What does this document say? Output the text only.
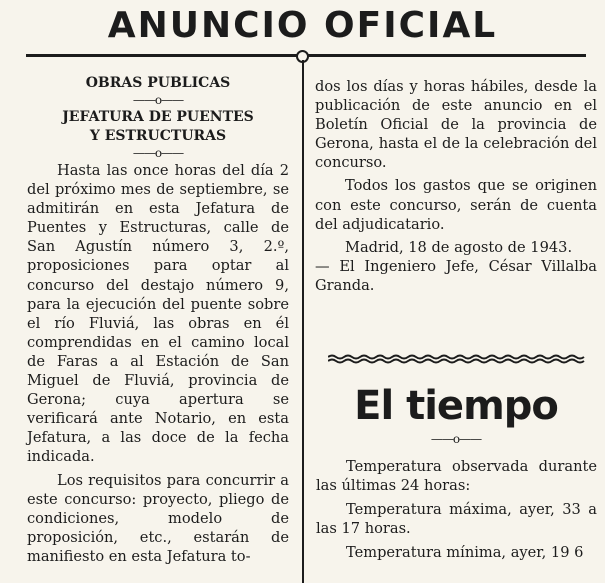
ANUNCIO OFICIAL
OBRAS PUBLICAS
——o——
JEFATURA DE PUENTES
Y ESTRUCTURAS
——o——

Hasta las once horas del día 2 del próximo mes de septiembre, se admitirán en esta Jefatura de Puentes y Estructuras, calle de San Agustín número 3, 2.º, proposiciones para optar al concurso del destajo número 9, para la ejecución del puente sobre el río Fluviá, las obras en él comprendidas en el camino local de Faras a al Estación de San Miguel de Fluviá, provincia de Gerona; cuya apertura se verificará ante Notario, en esta Jefatura, a las doce de la fecha indicada.

Los requisitos para concurrir a este concurso: proyecto, pliego de condiciones, modelo de proposición, etc., estarán de manifiesto en esta Jefatura to-

dos los días y horas hábiles, desde la publicación de este anuncio en el Boletín Oficial de la provincia de Gerona, hasta el de la celebración del concurso.

Todos los gastos que se originen con este concurso, serán de cuenta del adjudicatario.

Madrid, 18 de agosto de 1943.

— El Ingeniero Jefe, César Villalba Granda.

El tiempo
——o——

Temperatura observada durante las últimas 24 horas:

Temperatura máxima, ayer, 33 a las 17 horas.

Temperatura mínima, ayer, 19 6
